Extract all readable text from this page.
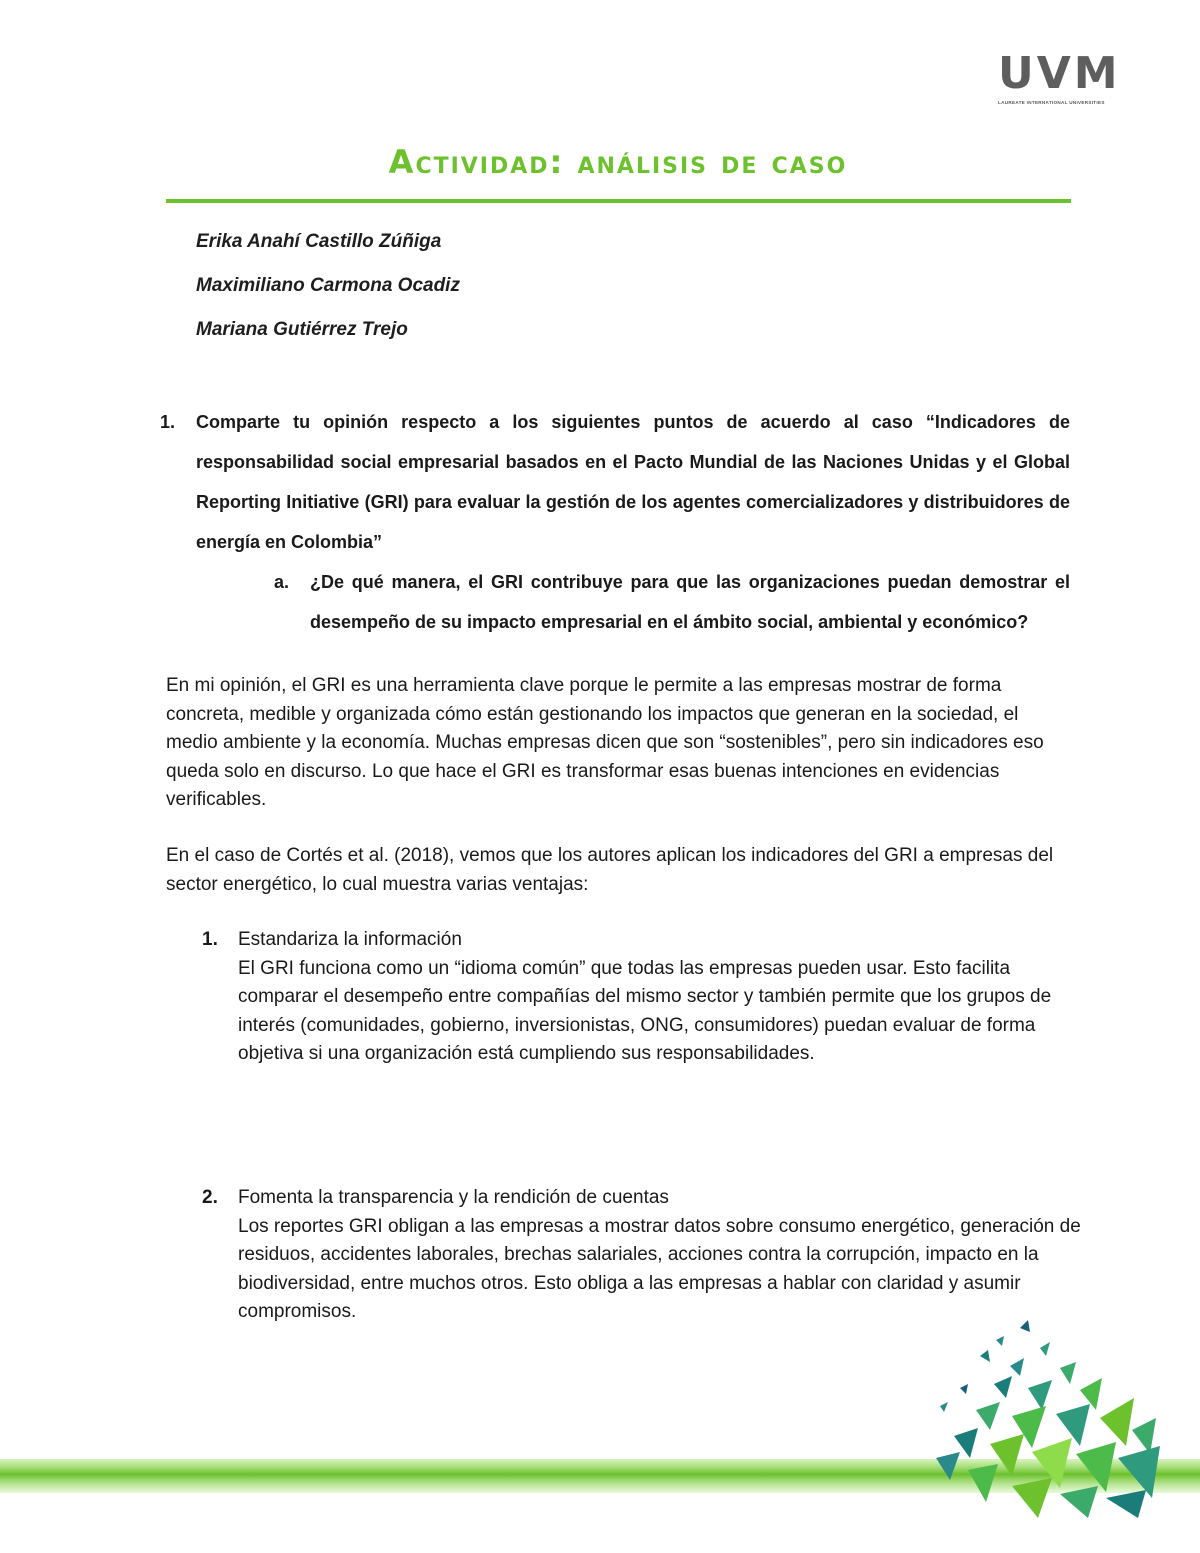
UVM
LAUREATE INTERNATIONAL UNIVERSITIES
Actividad: análisis de caso
Erika Anahí Castillo Zúñiga
Maximiliano Carmona Ocadiz
Mariana Gutiérrez Trejo
1.	Comparte tu opinión respecto a los siguientes puntos de acuerdo al caso “Indicadores de responsabilidad social empresarial basados en el Pacto Mundial de las Naciones Unidas y el Global Reporting Initiative (GRI) para evaluar la gestión de los agentes comercializadores y distribuidores de energía en Colombia”
a.	¿De qué manera, el GRI contribuye para que las organizaciones puedan demostrar el desempeño de su impacto empresarial en el ámbito social, ambiental y económico?

En mi opinión, el GRI es una herramienta clave porque le permite a las empresas mostrar de forma concreta, medible y organizada cómo están gestionando los impactos que generan en la sociedad, el medio ambiente y la economía. Muchas empresas dicen que son “sostenibles”, pero sin indicadores eso queda solo en discurso. Lo que hace el GRI es transformar esas buenas intenciones en evidencias verificables.

En el caso de Cortés et al. (2018), vemos que los autores aplican los indicadores del GRI a empresas del sector energético, lo cual muestra varias ventajas:

1.	Estandariza la información
El GRI funciona como un “idioma común” que todas las empresas pueden usar. Esto facilita comparar el desempeño entre compañías del mismo sector y también permite que los grupos de interés (comunidades, gobierno, inversionistas, ONG, consumidores) puedan evaluar de forma objetiva si una organización está cumpliendo sus responsabilidades.
2.	Fomenta la transparencia y la rendición de cuentas
Los reportes GRI obligan a las empresas a mostrar datos sobre consumo energético, generación de residuos, accidentes laborales, brechas salariales, acciones contra la corrupción, impacto en la biodiversidad, entre muchos otros. Esto obliga a las empresas a hablar con claridad y asumir compromisos.
